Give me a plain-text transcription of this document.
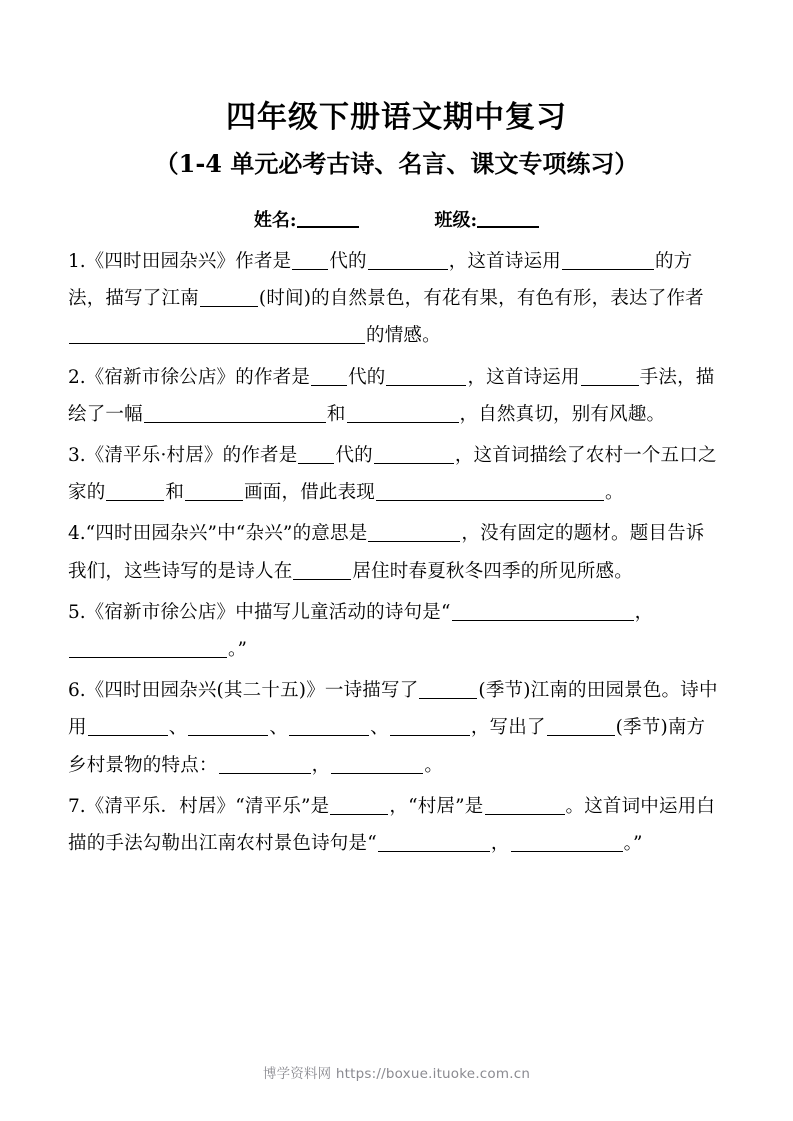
四年级下册语文期中复习
（1-4 单元必考古诗、名言、课文专项练习）
姓名:	班级:

1.《四时田园杂兴》作者是 代的	，这首诗运用	的方法，描写了江南	(时间)的自然景色，有花有果，有色有形，表达了作者的情感。

2.《宿新市徐公店》的作者是 代的	，这首诗运用	手法，描绘了一幅	和	，自然真切，别有风趣。

3.《清平乐·村居》的作者是 代的	，这首词描绘了农村一个五口之家的	和	画面，借此表现	。

4.“四时田园杂兴”中“杂兴”的意思是	，没有固定的题材。题目告诉我们，这些诗写的是诗人在	居住时春夏秋冬四季的所见所感。

5.《宿新市徐公店》中描写儿童活动的诗句是“	，。”

6.《四时田园杂兴(其二十五)》一诗描写了	(季节)江南的田园景色。诗中用	、	、	、	，写出了	(季节)南方乡村景物的特点：	，	。

7.《清平乐．村居》“清平乐”是	，“村居”是	。这首词中运用白描的手法勾勒出江南农村景色诗句是“	，	。”

博学资料网 https://boxue.ituoke.com.cn
